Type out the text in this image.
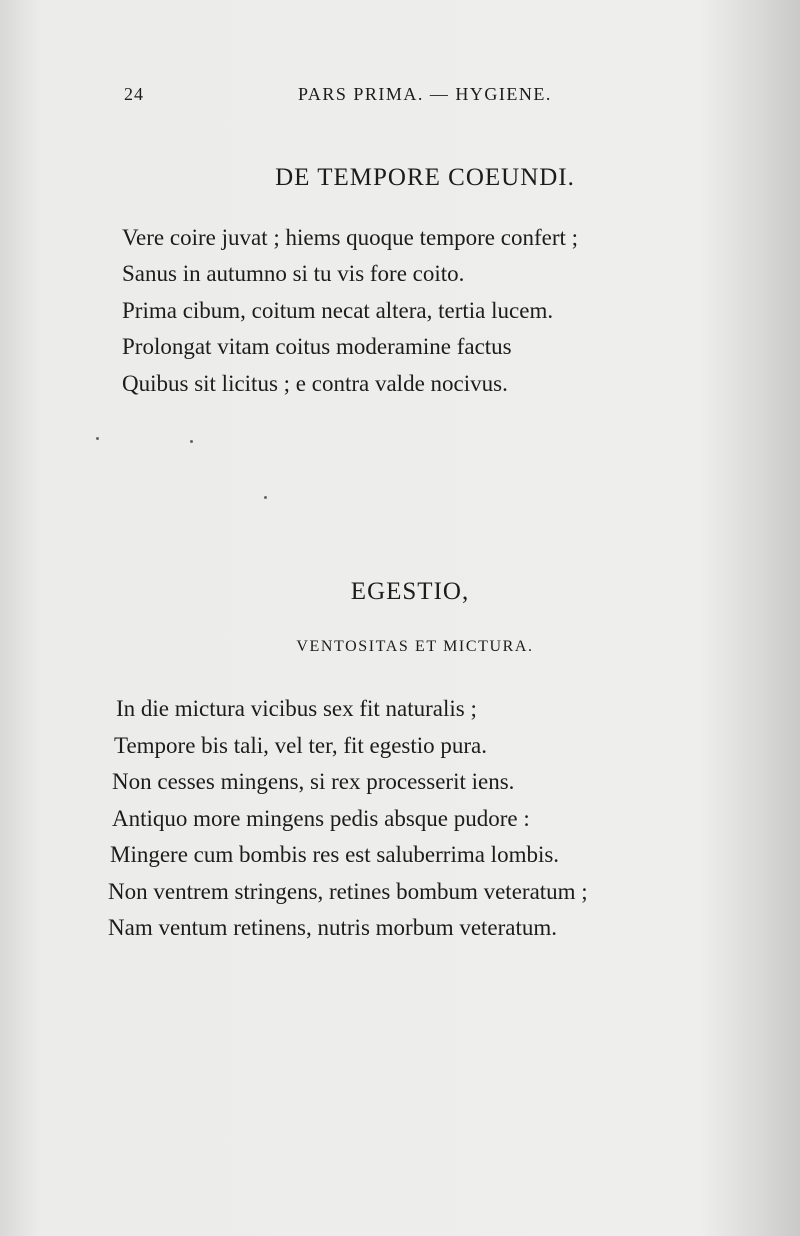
24	PARS PRIMA. — HYGIENE.
DE TEMPORE COEUNDI.
Vere coire juvat ; hiems quoque tempore confert ;
Sanus in autumno si tu vis fore coito.
Prima cibum, coitum necat altera, tertia lucem.
Prolongat vitam coitus moderamine factus
Quibus sit licitus ; e contra valde nocivus.
EGESTIO,
VENTOSITAS ET MICTURA.
In die mictura vicibus sex fit naturalis ;
Tempore bis tali, vel ter, fit egestio pura.
Non cesses mingens, si rex processerit iens.
Antiquo more mingens pedis absque pudore :
Mingere cum bombis res est saluberrima lombis.
Non ventrem stringens, retines bombum veteratum ;
Nam ventum retinens, nutris morbum veteratum.
